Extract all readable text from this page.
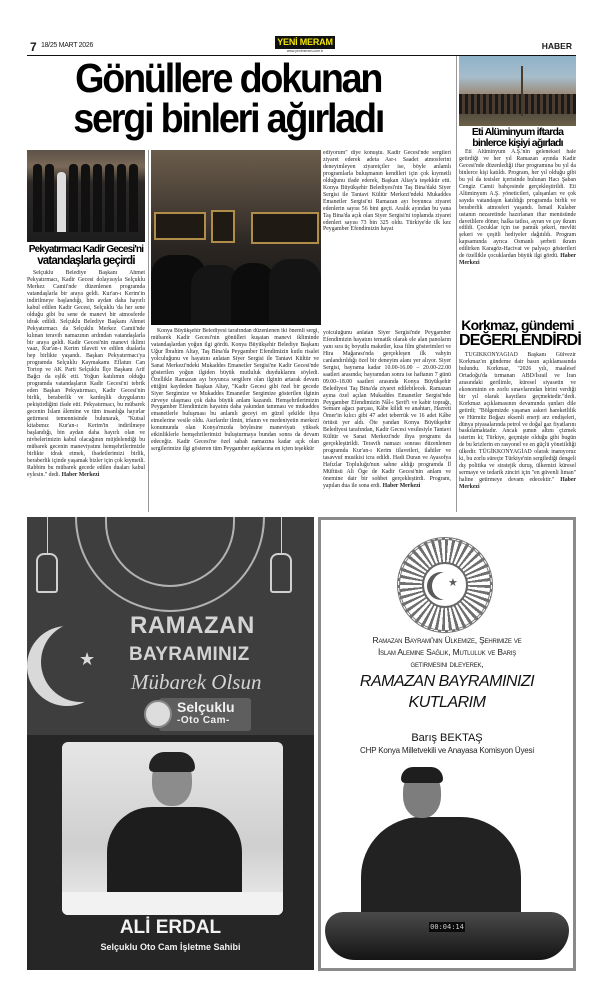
7 18/25 MART 2026	YENİ MERAM
www.yenimeram.com.tr	HABER
Gönüllere dokunan
sergi binleri ağırladı
Pekyatırmacı Kadir Gecesi'ni
vatandaşlarla geçirdi
Selçuklu Belediye Başkanı Ahmet Pekyatırmacı, Kadir Gecesi dolayısıyla Selçuklu Merkez Camii'nde düzenlenen programda vatandaşlarla bir araya geldi. Kur'an-ı Kerim'in indirilmeye başlandığı, bin aydan daha hayırlı kabul edilen Kadir Gecesi, Selçuklu 'da her sene olduğu gibi bu sene de manevi bir atmosferde idrak edildi. Selçuklu Belediye Başkanı Ahmet Pekyatırmacı da Selçuklu Merkez Camii'nde kılınan teravih namazının ardından vatandaşlarla bir araya geldi. Kadir Gecesi'nin manevi iklimi vaaz, Kur'an-ı Kerim tilaveti ve edilen dualarla hep birlikte yaşandı. Başkan Pekyatırmacı'ya programda Selçuklu Kaymakamı Eflatun Can Tortop ve AK Parti Selçuklu İlçe Başkanı Arif Bağcı da eşlik etti. Yoğun katılımın olduğu programda vatandaşların Kadir Gecesi'ni tebrik eden Başkan Pekyatırmacı, Kadir Gecesi'nin birlik, beraberlik ve kardeşlik duygularını pekiştirdiğini ifade etti. Pekyatırmacı, bu mübarek gecenin İslam âlemine ve tüm insanlığa hayırlar getirmesi temennisinde bulunarak, "Kutsal kitabımız Kur'an-ı Kerim'in indirilmeye başlandığı, bin aydan daha hayırlı olan ve nivbelerimizin kabul olacağının müjdelendiği bu mübarek gecenin maneviyatını hemşehrilerimizle birlikte idrak etmek, ibadetlerimizi birlik, beraberlik içinde yaşamak bizler için çok kıymetli. Rabbim bu mübarek gecede edilen duaları kabul eylesin." dedi. Haber Merkezi
ediyorum" diye konuştu. Kadir Gecesi'nde sergileri ziyaret ederek adeta Asr-ı Saadet atmosferini deneyimleyen ziyaretçiler ise, böyle anlamlı programlarla buluşmanın kendileri için çok kıymetli olduğunu ifade ederek, Başkan Altay'a teşekkür etti. Konya Büyükşehir Belediyesi'nin Taş Bina'daki Siyer Sergisi ile Tantavi Kültür Merkezi'ndeki Mukaddes Emanetler Sergisi'ni Ramazan ayı boyunca ziyaret edenlerin sayısı 56 bini geçti. Aralık ayından bu yana Taş Bina'da açık olan Siyer Sergisi'ni toplamda ziyaret edenleri sayısı 73 bin 325 oldu. Türkiye'de ilk kez Peygamber Efendimizin hayat
Konya Büyükşehir Belediyesi tarafından düzenlenen iki önemli sergi, mübarek Kadir Gecesi'nin gönülleri kuşatan manevi ikliminde vatandaşlardan yoğun ilgi gördü. Konya Büyükşehir Belediye Başkanı Uğur İbrahim Altay, Taş Bina'da Peygamber Efendimizin kutlu risalet yolculuğunu ve hayatını anlatan Siyer Sergisi ile Tantavi Kültür ve Sanat Merkezi'ndeki Mukaddes Emanetler Sergisi'ne Kadir Gecesi'nde gösterilen yoğun ilgiden büyük mutluluk duyduklarını söyledi. Özellikle Ramazan ayı boyunca sergilere olan ilginin artarak devam ettiğini kaydeden Başkan Altay, "Kadir Gecesi gibi özel bir gecede Siyer Sergimize ve Mukaddes Emanetler Sergimize gösterilen ilginin zirveye ulaşması çok daha büyük anlam kazandı. Hemşehrilerimizin Peygamber Efendimizin hayatını daha yakından tanıması ve mukaddes emanetlerle buluşması bu anlamlı geceyi en güzel şekilde ihya etmelerine vesile oldu. Asırlardır ilmin, irfanın ve medeniyetin merkezi konumunda olan Konya'mızda böylesine maneviyatı yüksek etkinliklerle hemşehrilerimizi buluşturmaya bundan sonra da devam edeceğiz. Kadir Gecesi'ne özel sabah namazına kadar açık olan sergilerimize ilgi gösteren tüm Peygamber aşıklarına en içten teşekkür
yolculuğunu anlatan Siyer Sergisi'nde Peygamber Efendimizin hayatını tematik olarak ele alan panoların yanı sıra üç boyutlu maketler, kısa film gösterimleri ve Hira Mağarası'nda gerçekleşen ilk vahyin canlandırıldığı özel bir deneyim alanı yer alıyor. Siyer Sergisi, bayrama kadar 10.00-16.00 – 20.00-22.00 saatleri arasında; bayramdan sonra ise haftanın 7 günü 09.00–18.00 saatleri arasında Konya Büyükşehir Belediyesi Taş Bina'da ziyaret edilebilecek. Ramazan ayına özel açılan Mukaddes Emanetler Sergisi'nde Peygamber Efendimizin Nâl-ı Şerif'i ve kabir toprağı, Semare ağacı parçası, Kâbe kilidi ve anahtarı, Hazreti Ömer'in kılıcı gibi 47 adet teberrük ve 16 adet Kâbe örtüsü yer aldı. Öte yandan Konya Büyükşehir Belediyesi tarafından, Kadir Gecesi vesilesiyle Tantavi Kültür ve Sanat Merkezi'nde ihya programı da gerçekleştirildi. Teravih namazı sonrası düzenlenen programda Kur'an-ı Kerim tilavetleri, ilahiler ve tasavvuf musikisi icra edildi. Hadi Duran ve Ayasofya Hafızlar Topluluğu'nun sahne aldığı programda İl Müftüsü Ali Öge de Kadir Gecesi'nin anlam ve önemine dair bir sohbet gerçekleştirdi. Program, yapılan dua ile sona erdi. Haber Merkezi
Eti Alüminyum iftarda
binlerce kişiyi ağırladı
Eti Alüminyum A.Ş.'nin geleneksel hale getirdiği ve her yıl Ramazan ayında Kadir Gecesi'nde düzenlediği iftar programına bu yıl da binlerce kişi katıldı. Program, her yıl olduğu gibi bu yıl da tesisler içerisinde bulunan Hacı Şaban Cengiz Camii bahçesinde gerçekleştirildi. Eti Alüminyum A.Ş. yöneticileri, çalışanları ve çok sayıda vatandaşın katıldığı programda birlik ve beraberlik atmosferi yaşandı. İsmail Kulaber ustanın nezaretinde hazırlanan iftar menüsünde davetlilere döner, halka tatlısı, ayran ve çay ikram edildi. Çocuklar için ise pamuk şekeri, mevlüt şekeri ve çeşitli hediyeler dağıtıldı. Program kapsamında ayrıca Osmanlı şerbeti ikram edilirken Karagöz-Hacivat ve palyaço gösterileri de özellikle çocuklardan büyük ilgi gördü. Haber Merkezi
Korkmaz, gündemi
DEĞERLENDİRDİ
TÜGİKKONYAGİAD Başkanı Gülvezir Korkmaz'ın gündeme dair basın açıklamasında bulundu. Korkmaz, "2026 yılı, maalesef Ortadoğu'da tırmanan ABD/İsrail ve İran arasındaki gerilimle, küresel siyasetin ve ekonominin en zorlu sınavlarından birini verdiği bir yıl olarak kayıtlara geçmektedir."dedi. Korkmaz açıklamasının devamında şunları dile getirdi; "Bölgemizde yaşanan askeri hareketlilik ve Hürmüz Boğazı eksenli enerji arz endişeleri, dünya piyasalarında petrol ve doğal gaz fiyatlarını baskılamaktadır. Ancak şunun altını çizmek isterim ki; Türkiye, geçmişte olduğu gibi bugün de bu krizlerin en rasyonel ve en güçlü yönetildiği ülkedir. TÜGİKKONYAGİAD olarak inanıyoruz ki, bu zorlu süreçte Türkiye'nin sergilediği dengeli dış politika ve stratejik duruş, ülkemizi küresel sermaye ve tedarik zinciri için "en güvenli liman" haline getirmeye devam edecektir." Haber Merkezi
★
RAMAZAN
BAYRAMINIZ
Mübarek Olsun
Selçuklu
-Oto Cam-
ALİ ERDAL
Selçuklu Oto Cam İşletme Sahibi
★
Ramazan Bayramı'nın Ülkemize, Şehrimize ve
İslam Alemine Sağlık, Mutluluk ve Barış
getirmesini dileyerek,
RAMAZAN BAYRAMINIZI
KUTLARIM
Barış BEKTAŞ
CHP Konya Milletvekili ve Anayasa Komisyon Üyesi
00:04:14
